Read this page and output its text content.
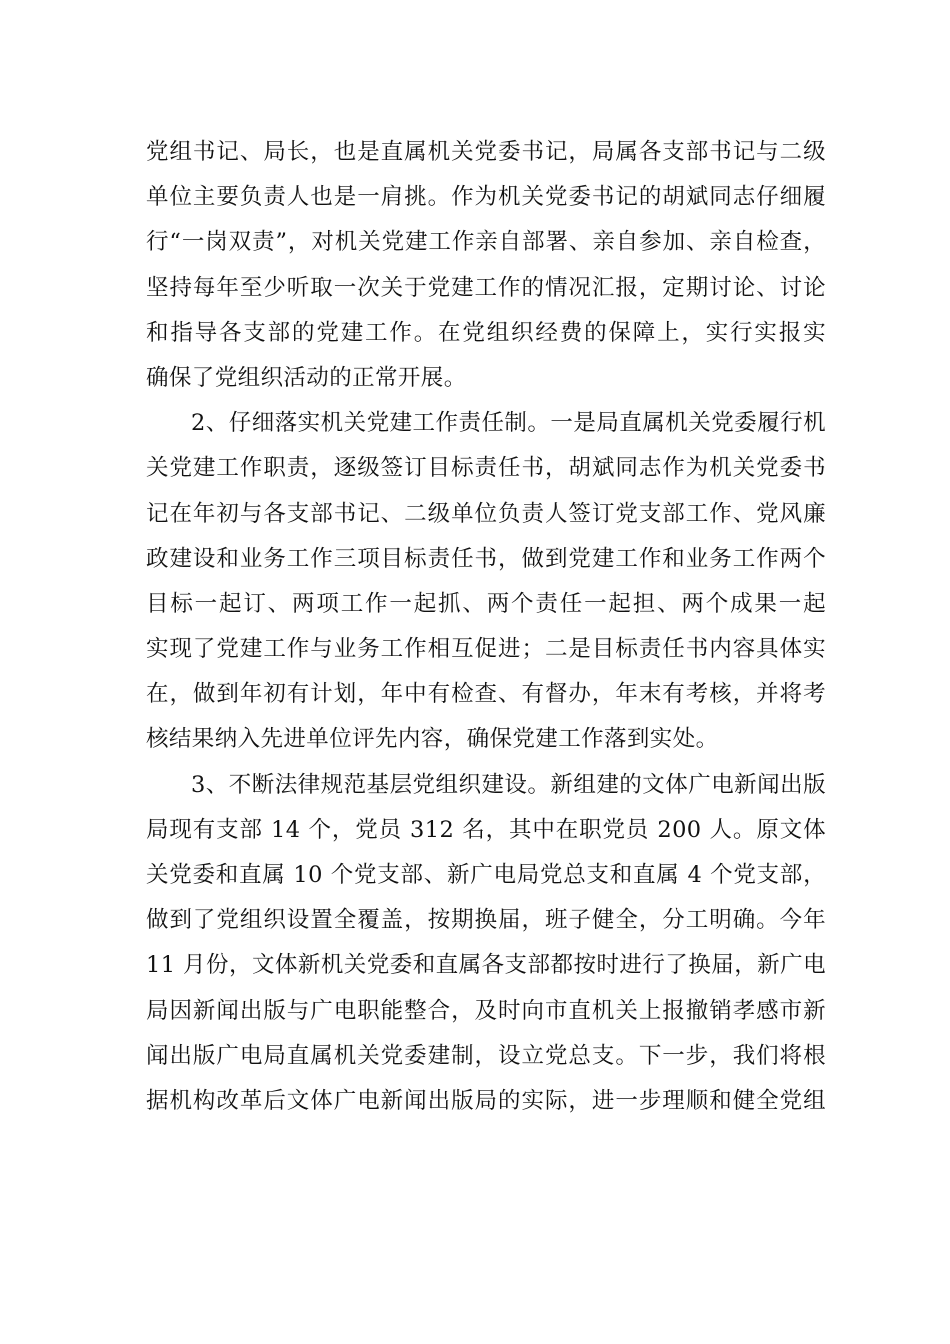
党组书记、局长，也是直属机关党委书记，局属各支部书记与二级
单位主要负责人也是一肩挑。作为机关党委书记的胡斌同志仔细履
行“一岗双责”，对机关党建工作亲自部署、亲自参加、亲自检查，
坚持每年至少听取一次关于党建工作的情况汇报，定期讨论、讨论
和指导各支部的党建工作。在党组织经费的保障上，实行实报实
确保了党组织活动的正常开展。
2、仔细落实机关党建工作责任制。一是局直属机关党委履行机
关党建工作职责，逐级签订目标责任书，胡斌同志作为机关党委书
记在年初与各支部书记、二级单位负责人签订党支部工作、党风廉
政建设和业务工作三项目标责任书，做到党建工作和业务工作两个
目标一起订、两项工作一起抓、两个责任一起担、两个成果一起
实现了党建工作与业务工作相互促进；二是目标责任书内容具体实
在，做到年初有计划，年中有检查、有督办，年末有考核，并将考
核结果纳入先进单位评先内容，确保党建工作落到实处。
3、不断法律规范基层党组织建设。新组建的文体广电新闻出版
局现有支部 14 个，党员 312 名，其中在职党员 200 人。原文体
关党委和直属 10 个党支部、新广电局党总支和直属 4 个党支部，
做到了党组织设置全覆盖，按期换届，班子健全，分工明确。今年
11 月份，文体新机关党委和直属各支部都按时进行了换届，新广电
局因新闻出版与广电职能整合，及时向市直机关上报撤销孝感市新
闻出版广电局直属机关党委建制，设立党总支。下一步，我们将根
据机构改革后文体广电新闻出版局的实际，进一步理顺和健全党组
